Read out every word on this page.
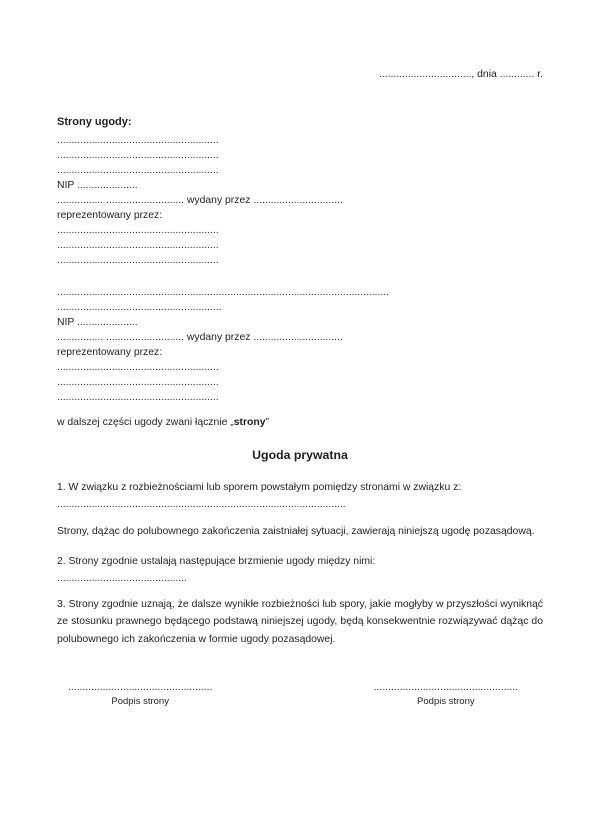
................................, dnia ............ r.
Strony ugody:
........................................................
........................................................
........................................................
NIP .....................
................ ........................... wydany przez ...............................
reprezentowany przez:
........................................................
........................................................
........................................................
...................................................................................................................
.........................................................
NIP .....................
................ ........................... wydany przez ...............................
reprezentowany przez:
........................................................
........................................................
........................................................
w dalszej części ugody zwani łącznie „strony”
Ugoda prywatna
1. W związku z rozbieżnościami lub sporem powstałym pomiędzy stronami w związku z:
....................................................................................................
Strony, dążąc do polubownego zakończenia zaistniałej sytuacji, zawierają niniejszą ugodę pozasądową.
2. Strony zgodnie ustalają następujące brzmienie ugody między nimi:
.............................................
3. Strony zgodnie uznają, że dalsze wynikłe rozbieżności lub spory, jakie mogłyby w przyszłości wyniknąć ze stosunku prawnego będącego podstawą niniejszej ugody, będą konsekwentnie rozwiązywać dążąc do polubownego ich zakończenia w formie ugody pozasądowej.
..................................................
Podpis strony
..................................................
Podpis strony
